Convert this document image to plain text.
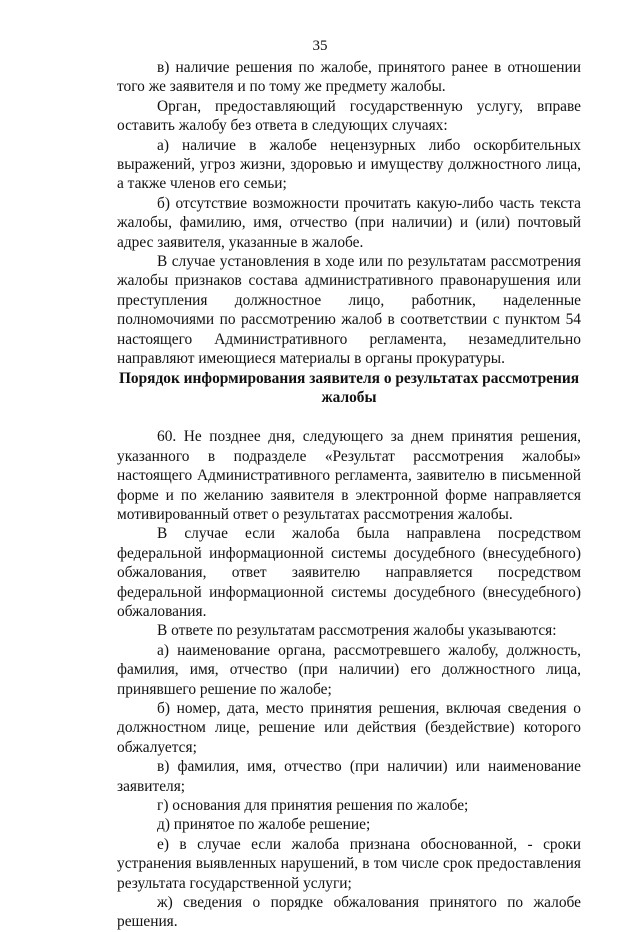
35

в) наличие решения по жалобе, принятого ранее в отношении того же заявителя и по тому же предмету жалобы.

Орган, предоставляющий государственную услугу, вправе оставить жалобу без ответа в следующих случаях:

а) наличие в жалобе нецензурных либо оскорбительных выражений, угроз жизни, здоровью и имуществу должностного лица, а также членов его семьи;

б) отсутствие возможности прочитать какую-либо часть текста жалобы, фамилию, имя, отчество (при наличии) и (или) почтовый адрес заявителя, указанные в жалобе.

В случае установления в ходе или по результатам рассмотрения жалобы признаков состава административного правонарушения или преступления должностное лицо, работник, наделенные полномочиями по рассмотрению жалоб в соответствии с пунктом 54 настоящего Административного регламента, незамедлительно направляют имеющиеся материалы в органы прокуратуры.

Порядок информирования заявителя о результатах рассмотрения жалобы

60. Не позднее дня, следующего за днем принятия решения, указанного в подразделе «Результат рассмотрения жалобы» настоящего Административного регламента, заявителю в письменной форме и по желанию заявителя в электронной форме направляется мотивированный ответ о результатах рассмотрения жалобы.

В случае если жалоба была направлена посредством федеральной информационной системы досудебного (внесудебного) обжалования, ответ заявителю направляется посредством федеральной информационной системы досудебного (внесудебного) обжалования.

В ответе по результатам рассмотрения жалобы указываются:

а) наименование органа, рассмотревшего жалобу, должность, фамилия, имя, отчество (при наличии) его должностного лица, принявшего решение по жалобе;

б) номер, дата, место принятия решения, включая сведения о должностном лице, решение или действия (бездействие) которого обжалуется;

в) фамилия, имя, отчество (при наличии) или наименование заявителя;

г) основания для принятия решения по жалобе;

д) принятое по жалобе решение;

е) в случае если жалоба признана обоснованной, - сроки устранения выявленных нарушений, в том числе срок предоставления результата государственной услуги;

ж) сведения о порядке обжалования принятого по жалобе решения.
